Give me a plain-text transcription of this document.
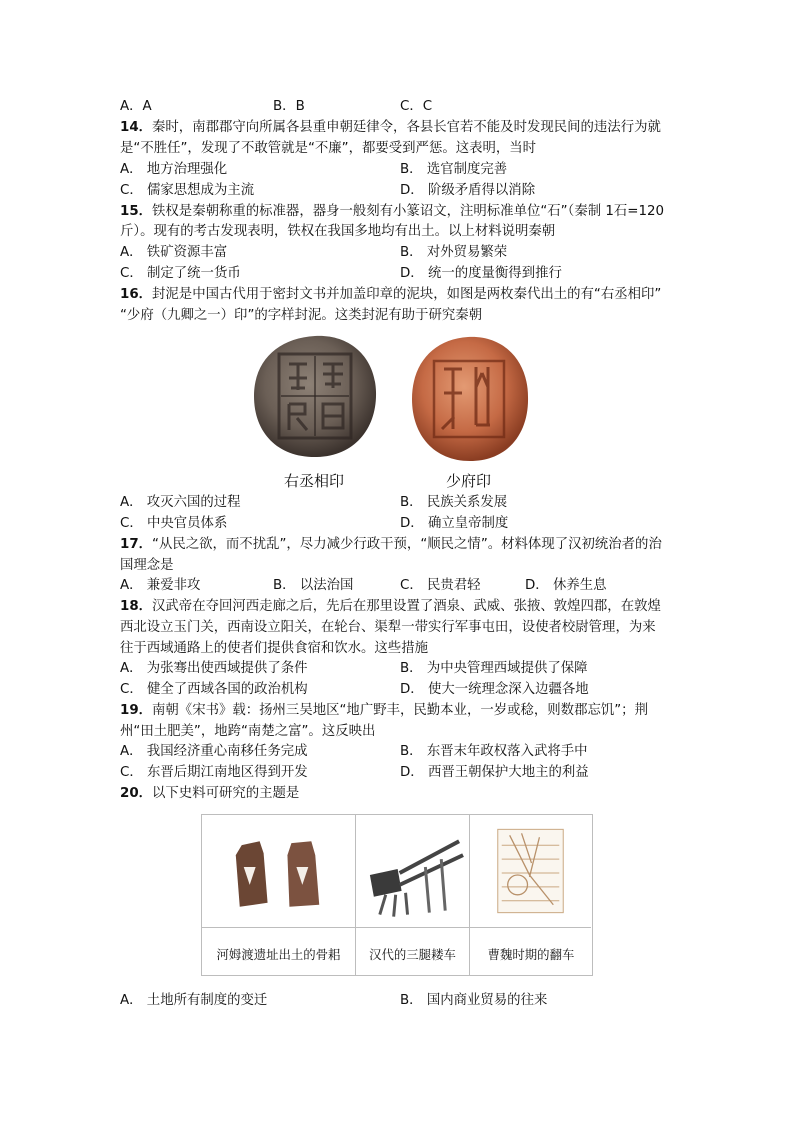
A．A	B．B	C．C
14．秦时，南郡郡守向所属各县重申朝廷律令，各县长官若不能及时发现民间的违法行为就
是“不胜任”，发现了不敢管就是“不廉”，都要受到严惩。这表明，当时
A． 地方治理强化	B． 选官制度完善
C． 儒家思想成为主流	D． 阶级矛盾得以消除
15．铁权是秦朝称重的标准器，器身一般刻有小篆诏文，注明标准单位“石”（秦制 1石=120
斤）。现有的考古发现表明，铁权在我国多地均有出土。以上材料说明秦朝
A． 铁矿资源丰富	B． 对外贸易繁荣
C． 制定了统一货币	D． 统一的度量衡得到推行
16．封泥是中国古代用于密封文书并加盖印章的泥块，如图是两枚秦代出土的有“右丞相印”
“少府（九卿之一）印”的字样封泥。这类封泥有助于研究秦朝
右丞相印	少府印
A． 攻灭六国的过程	B． 民族关系发展
C． 中央官员体系	D． 确立皇帝制度
17．“从民之欲，而不扰乱”，尽力减少行政干预，“顺民之情”。材料体现了汉初统治者的治
国理念是
A． 兼爱非攻	B． 以法治国	C． 民贵君轻	D． 休养生息
18．汉武帝在夺回河西走廊之后，先后在那里设置了酒泉、武威、张掖、敦煌四郡，在敦煌
西北设立玉门关，西南设立阳关，在轮台、渠犁一带实行军事屯田，设使者校尉管理，为来
往于西域通路上的使者们提供食宿和饮水。这些措施
A． 为张骞出使西域提供了条件	B． 为中央管理西域提供了保障
C． 健全了西域各国的政治机构	D． 使大一统理念深入边疆各地
19．南朝《宋书》载：扬州三吴地区“地广野丰，民勤本业，一岁或稔，则数郡忘饥”；荆
州“田土肥美”，地跨“南楚之富”。这反映出
A． 我国经济重心南移任务完成	B． 东晋末年政权落入武将手中
C． 东晋后期江南地区得到开发	D． 西晋王朝保护大地主的利益
20．以下史料可研究的主题是
河姆渡遗址出土的骨耜	汉代的三腿耧车	曹魏时期的翻车
A． 土地所有制度的变迁	B． 国内商业贸易的往来
